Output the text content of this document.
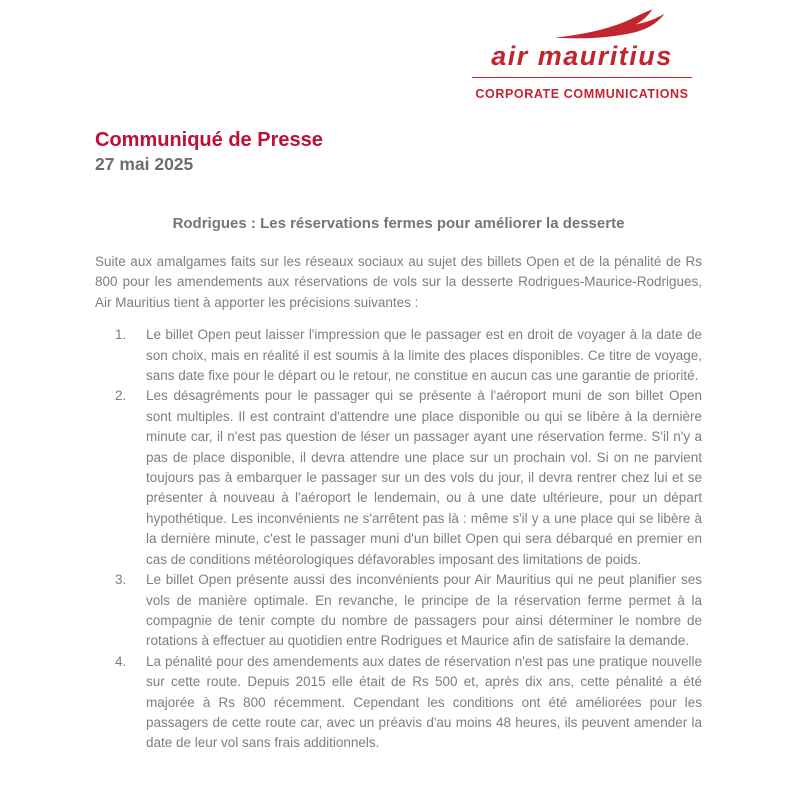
air mauritius
CORPORATE COMMUNICATIONS
Communiqué de Presse
27 mai 2025
Rodrigues : Les réservations fermes pour améliorer la desserte

Suite aux amalgames faits sur les réseaux sociaux au sujet des billets Open et de la pénalité de Rs 800 pour les amendements aux réservations de vols sur la desserte Rodrigues-Maurice-Rodrigues, Air Mauritius tient à apporter les précisions suivantes :

Le billet Open peut laisser l'impression que le passager est en droit de voyager à la date de son choix, mais en réalité il est soumis à la limite des places disponibles. Ce titre de voyage, sans date fixe pour le départ ou le retour, ne constitue en aucun cas une garantie de priorité.
Les désagréments pour le passager qui se présente à l'aéroport muni de son billet Open sont multiples. Il est contraint d'attendre une place disponible ou qui se libère à la dernière minute car, il n'est pas question de léser un passager ayant une réservation ferme. S'il n'y a pas de place disponible, il devra attendre une place sur un prochain vol. Si on ne parvient toujours pas à embarquer le passager sur un des vols du jour, il devra rentrer chez lui et se présenter à nouveau à l'aéroport le lendemain, ou à une date ultérieure, pour un départ hypothétique. Les inconvénients ne s'arrêtent pas là : même s'il y a une place qui se libère à la dernière minute, c'est le passager muni d'un billet Open qui sera débarqué en premier en cas de conditions météorologiques défavorables imposant des limitations de poids.
Le billet Open présente aussi des inconvénients pour Air Mauritius qui ne peut planifier ses vols de manière optimale. En revanche, le principe de la réservation ferme permet à la compagnie de tenir compte du nombre de passagers pour ainsi déterminer le nombre de rotations à effectuer au quotidien entre Rodrigues et Maurice afin de satisfaire la demande.
La pénalité pour des amendements aux dates de réservation n'est pas une pratique nouvelle sur cette route. Depuis 2015 elle était de Rs 500 et, après dix ans, cette pénalité a été majorée à Rs 800 récemment. Cependant les conditions ont été améliorées pour les passagers de cette route car, avec un préavis d'au moins 48 heures, ils peuvent amender la date de leur vol sans frais additionnels.
